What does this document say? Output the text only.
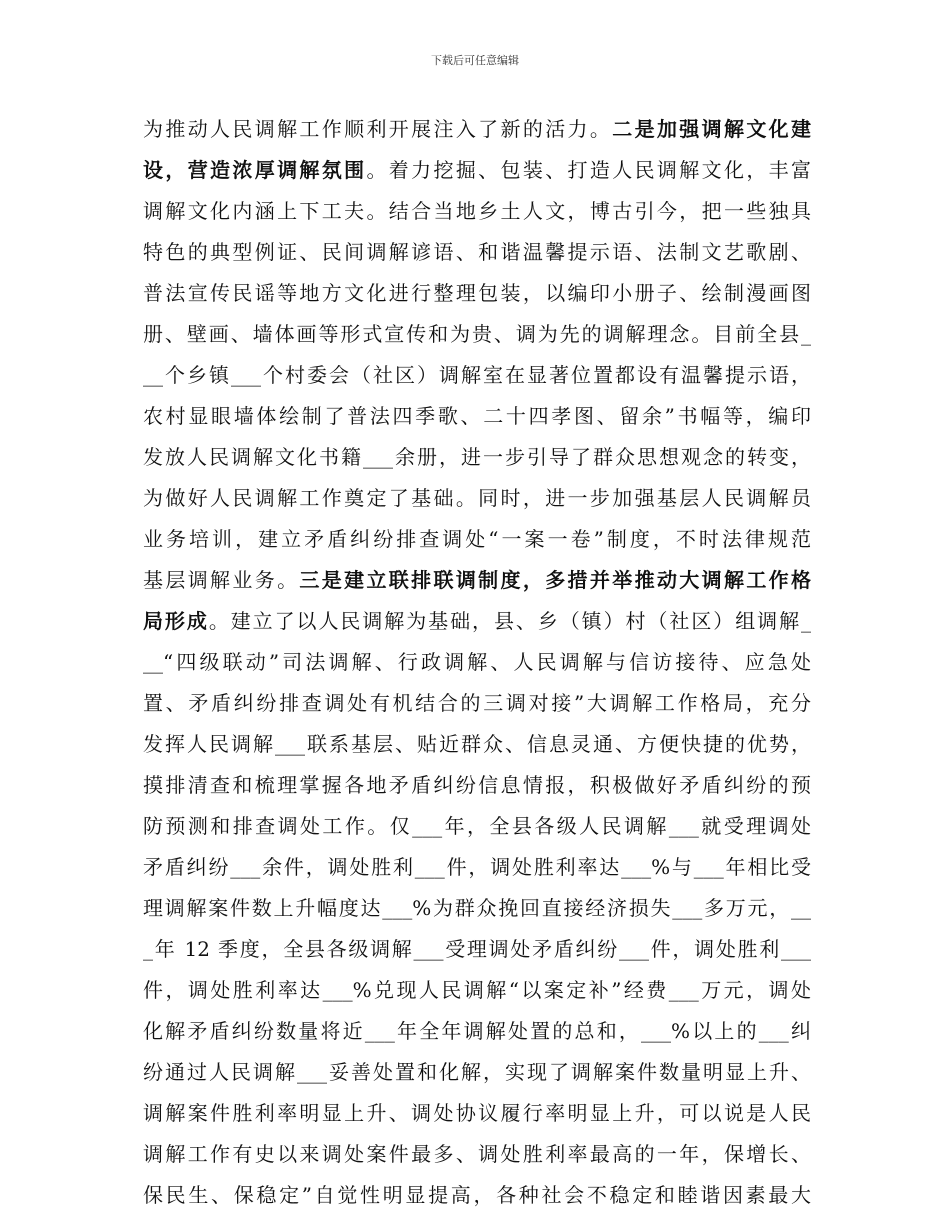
下载后可任意编辑
为推动人民调解工作顺利开展注入了新的活力。二是加强调解文化建
设，营造浓厚调解氛围。着力挖掘、包装、打造人民调解文化，丰富
调解文化内涵上下工夫。结合当地乡土人文，博古引今，把一些独具
特色的典型例证、民间调解谚语、和谐温馨提示语、法制文艺歌剧、
普法宣传民谣等地方文化进行整理包装，以编印小册子、绘制漫画图
册、壁画、墙体画等形式宣传和为贵、调为先的调解理念。目前全县_
__个乡镇___个村委会（社区）调解室在显著位置都设有温馨提示语，
农村显眼墙体绘制了普法四季歌、二十四孝图、留余”书幅等，编印
发放人民调解文化书籍___余册，进一步引导了群众思想观念的转变，
为做好人民调解工作奠定了基础。同时，进一步加强基层人民调解员
业务培训，建立矛盾纠纷排查调处“一案一卷”制度，不时法律规范
基层调解业务。三是建立联排联调制度，多措并举推动大调解工作格
局形成。建立了以人民调解为基础，县、乡（镇）村（社区）组调解_
__“四级联动”司法调解、行政调解、人民调解与信访接待、应急处
置、矛盾纠纷排查调处有机结合的三调对接”大调解工作格局，充分
发挥人民调解___联系基层、贴近群众、信息灵通、方便快捷的优势，
摸排清查和梳理掌握各地矛盾纠纷信息情报，积极做好矛盾纠纷的预
防预测和排查调处工作。仅___年，全县各级人民调解___就受理调处
矛盾纠纷___余件，调处胜利___件，调处胜利率达___%与___年相比受
理调解案件数上升幅度达___%为群众挽回直接经济损失___多万元，__
_年 12 季度，全县各级调解___受理调处矛盾纠纷___件，调处胜利___
件，调处胜利率达___%兑现人民调解“以案定补”经费___万元，调处
化解矛盾纠纷数量将近___年全年调解处置的总和，___%以上的___纠
纷通过人民调解___妥善处置和化解，实现了调解案件数量明显上升、
调解案件胜利率明显上升、调处协议履行率明显上升，可以说是人民
调解工作有史以来调处案件最多、调处胜利率最高的一年，保增长、
保民生、保稳定”自觉性明显提高，各种社会不稳定和睦谐因素最大
